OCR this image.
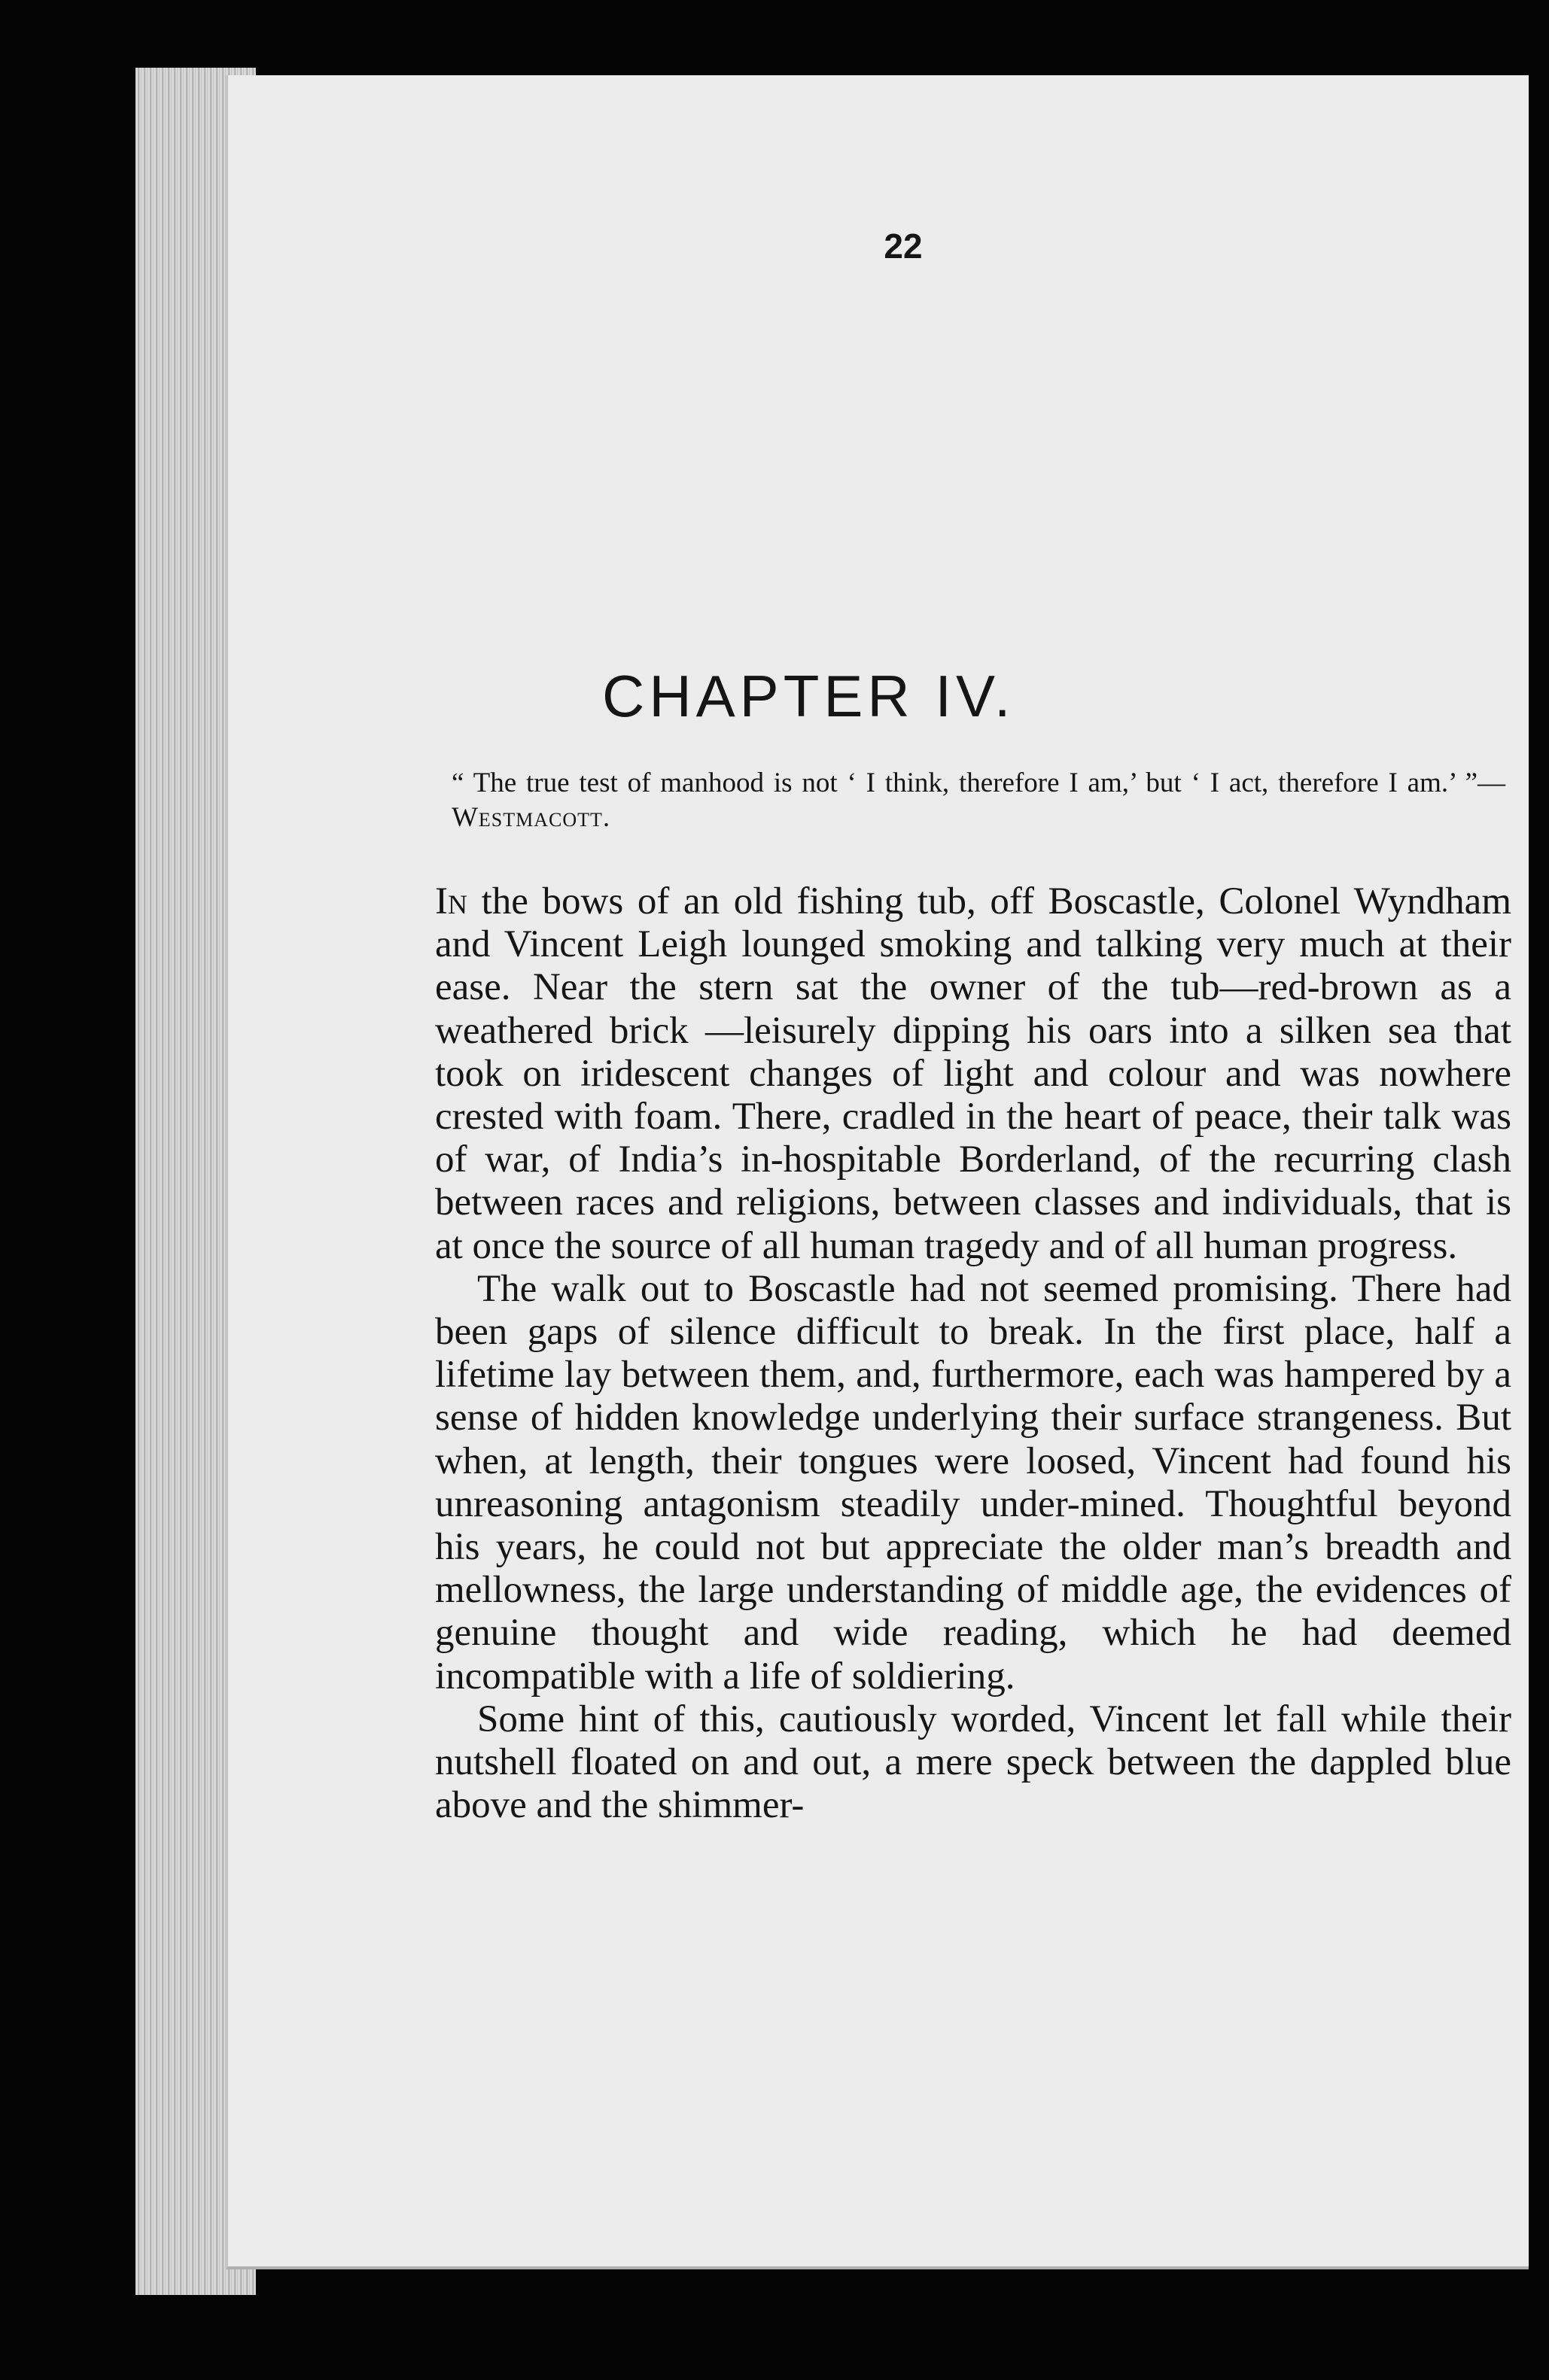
22
CHAPTER IV.
“ The true test of manhood is not ‘ I think, therefore I am,’ but ‘ I act, therefore I am.’ ”—Westmacott.

In the bows of an old fishing tub, off Boscastle, Colonel Wyndham and Vincent Leigh lounged smoking and talking very much at their ease. Near the stern sat the owner of the tub—red-brown as a weathered brick —leisurely dipping his oars into a silken sea that took on iridescent changes of light and colour and was nowhere crested with foam. There, cradled in the heart of peace, their talk was of war, of India’s in-hospitable Borderland, of the recurring clash between races and religions, between classes and individuals, that is at once the source of all human tragedy and of all human progress.

The walk out to Boscastle had not seemed promising. There had been gaps of silence difficult to break. In the first place, half a lifetime lay between them, and, furthermore, each was hampered by a sense of hidden knowledge underlying their surface strangeness. But when, at length, their tongues were loosed, Vincent had found his unreasoning antagonism steadily under-mined. Thoughtful beyond his years, he could not but appreciate the older man’s breadth and mellowness, the large understanding of middle age, the evidences of genuine thought and wide reading, which he had deemed incompatible with a life of soldiering.

Some hint of this, cautiously worded, Vincent let fall while their nutshell floated on and out, a mere speck between the dappled blue above and the shimmer-
